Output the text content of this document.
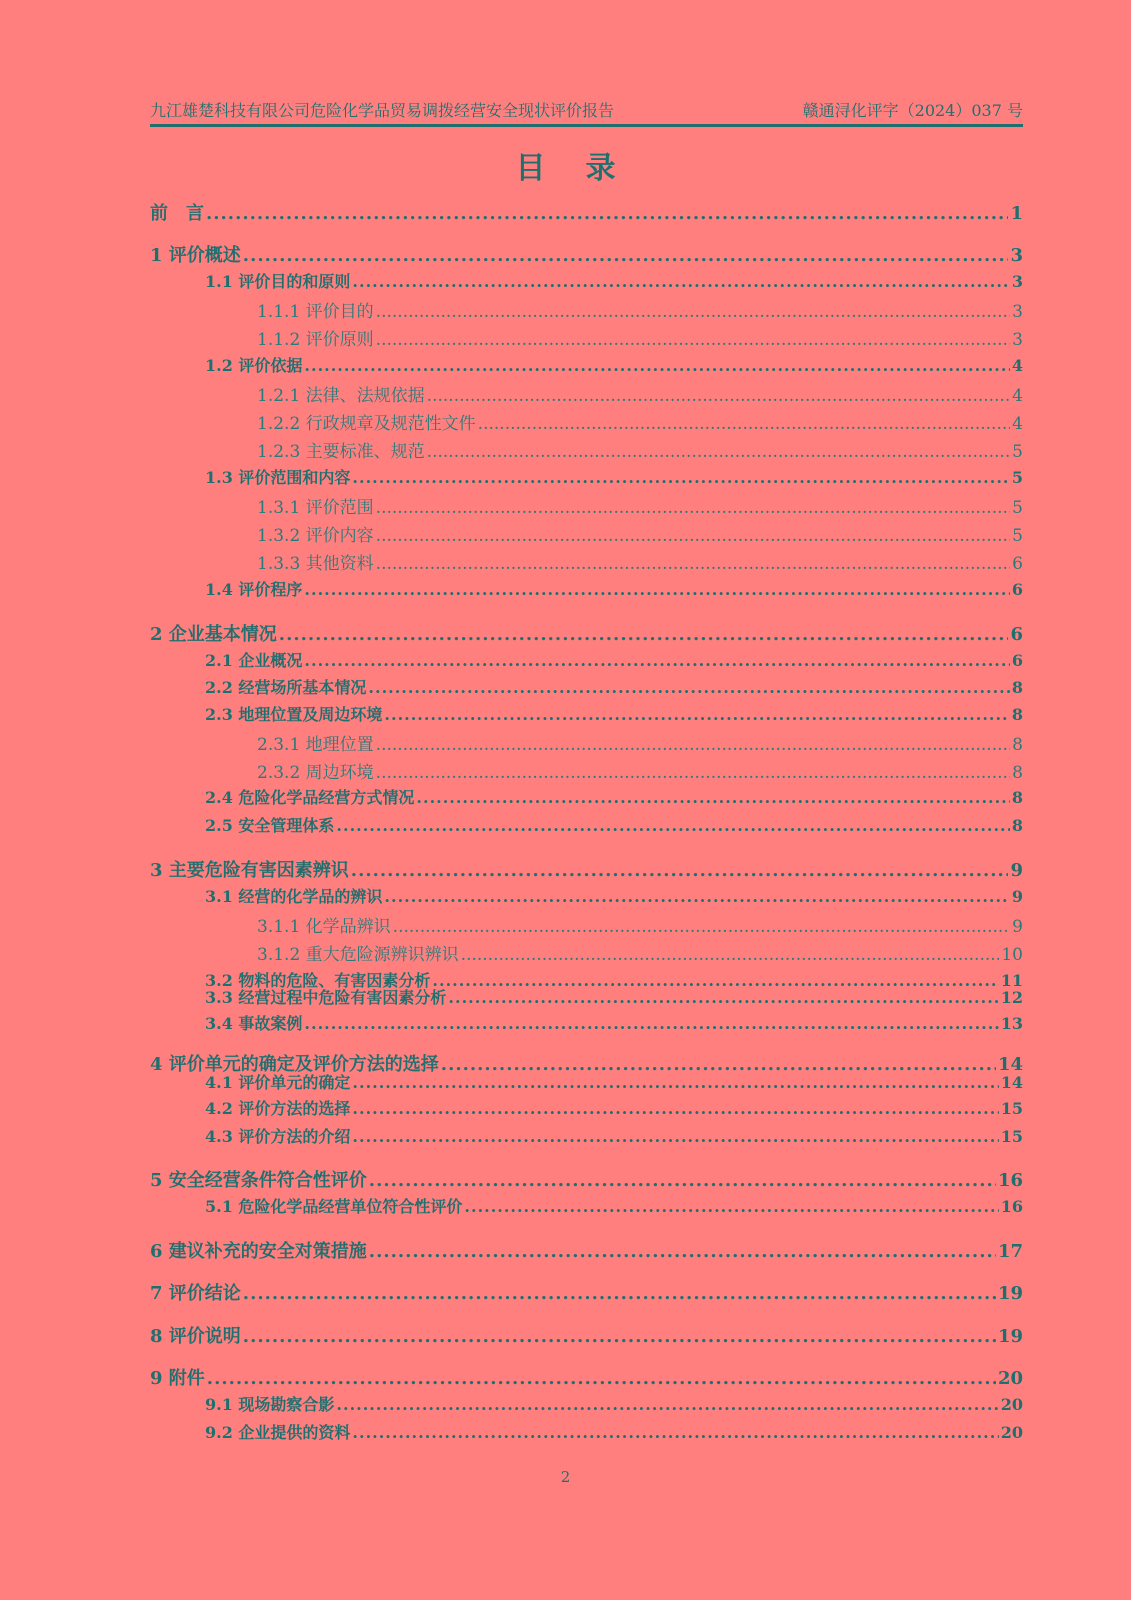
九江雄楚科技有限公司危险化学品贸易调拨经营安全现状评价报告	赣通浔化评字（2024）037 号
目录
前　言 .....	1
1 评价概述 .....	3
1.1 评价目的和原则 .....	3
1.1.1 评价目的 .....	3
1.1.2 评价原则 .....	3
1.2 评价依据 .....	4
1.2.1 法律、法规依据 .....	4
1.2.2 行政规章及规范性文件 .....	4
1.2.3 主要标准、规范 .....	5
1.3 评价范围和内容 .....	5
1.3.1 评价范围 .....	5
1.3.2 评价内容 .....	5
1.3.3 其他资料 .....	6
1.4 评价程序 .....	6
2 企业基本情况 .....	6
2.1 企业概况 .....	6
2.2 经营场所基本情况 .....	8
2.3 地理位置及周边环境 .....	8
2.3.1 地理位置 .....	8
2.3.2 周边环境 .....	8
2.4 危险化学品经营方式情况 .....	8
2.5 安全管理体系 .....	8
3 主要危险有害因素辨识 .....	9
3.1 经营的化学品的辨识 .....	9
3.1.1 化学品辨识 .....	9
3.1.2 重大危险源辨识辨识 .....	10
3.2 物料的危险、有害因素分析 .....	11
3.3 经营过程中危险有害因素分析 .....	12
3.4 事故案例 .....	13
4 评价单元的确定及评价方法的选择 .....	14
4.1 评价单元的确定 .....	14
4.2 评价方法的选择 .....	15
4.3 评价方法的介绍 .....	15
5 安全经营条件符合性评价 .....	16
5.1 危险化学品经营单位符合性评价 .....	16
6 建议补充的安全对策措施 .....	17
7 评价结论 .....	19
8 评价说明 .....	19
9 附件 .....	20
9.1 现场勘察合影 .....	20
9.2 企业提供的资料 .....	20
2
